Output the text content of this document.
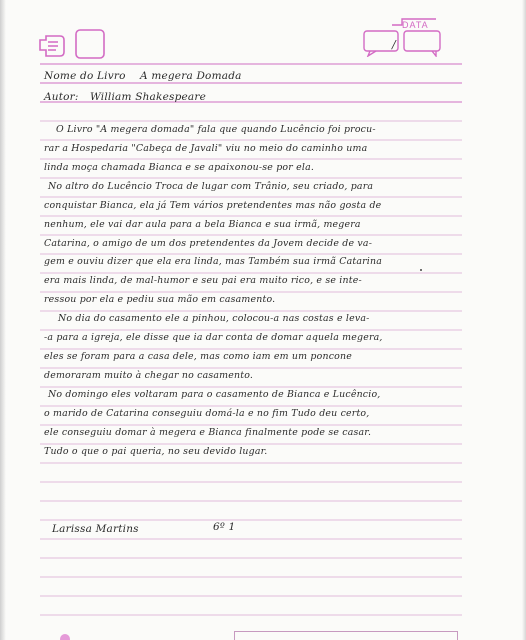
DATA
/
Nome do Livro A megera Domada
Autor: William Shakespeare
O Livro "A megera domada" fala que quando Lucêncio foi procu-
rar a Hospedaria "Cabeça de Javali" viu no meio do caminho uma
linda moça chamada Bianca e se apaixonou-se por ela.
No altro do Lucêncio Troca de lugar com Trânio, seu criado, para
conquistar Bianca, ela já Tem vários pretendentes mas não gosta de
nenhum, ele vai dar aula para a bela Bianca e sua irmã, megera
Catarina, o amigo de um dos pretendentes da Jovem decide de va-
gem e ouviu dizer que ela era linda, mas Também sua irmã Catarina
era mais linda, de mal-humor e seu pai era muito rico, e se inte-
ressou por ela e pediu sua mão em casamento.
No dia do casamento ele a pinhou, colocou-a nas costas e leva-
-a para a igreja, ele disse que ia dar conta de domar aquela megera,
eles se foram para a casa dele, mas como iam em um poncone
demoraram muito à chegar no casamento.
No domingo eles voltaram para o casamento de Bianca e Lucêncio,
o marido de Catarina conseguiu domá-la e no fim Tudo deu certo,
ele conseguiu domar à megera e Bianca finalmente pode se casar.
Tudo o que o pai queria, no seu devido lugar.
Larissa Martins	6º 1
